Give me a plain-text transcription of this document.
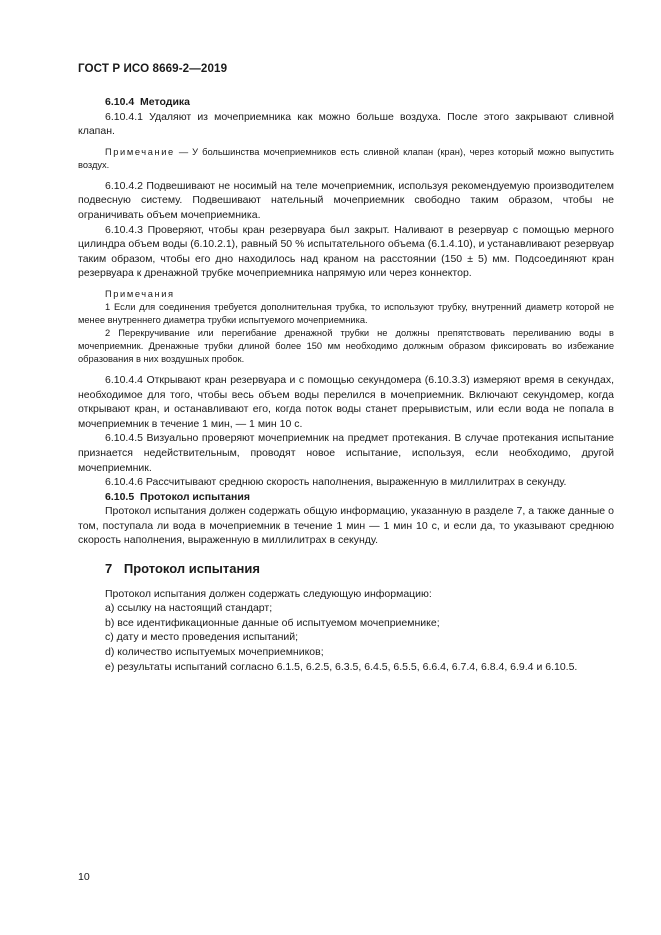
ГОСТ Р ИСО 8669-2—2019

6.10.4 Методика

6.10.4.1 Удаляют из мочеприемника как можно больше воздуха. После этого закрывают сливной клапан.

Примечание — У большинства мочеприемников есть сливной клапан (кран), через который можно выпустить воздух.

6.10.4.2 Подвешивают не носимый на теле мочеприемник, используя рекомендуемую производителем подвесную систему. Подвешивают нательный мочеприемник свободно таким образом, чтобы не ограничивать объем мочеприемника.

6.10.4.3 Проверяют, чтобы кран резервуара был закрыт. Наливают в резервуар с помощью мерного цилиндра объем воды (6.10.2.1), равный 50 % испытательного объема (6.1.4.10), и устанавливают резервуар таким образом, чтобы его дно находилось над краном на расстоянии (150 ± 5) мм. Подсоединяют кран резервуара к дренажной трубке мочеприемника напрямую или через коннектор.

Примечания

1 Если для соединения требуется дополнительная трубка, то используют трубку, внутренний диаметр которой не менее внутреннего диаметра трубки испытуемого мочеприемника.

2 Перекручивание или перегибание дренажной трубки не должны препятствовать переливанию воды в мочеприемник. Дренажные трубки длиной более 150 мм необходимо должным образом фиксировать во избежание образования в них воздушных пробок.

6.10.4.4 Открывают кран резервуара и с помощью секундомера (6.10.3.3) измеряют время в секундах, необходимое для того, чтобы весь объем воды перелился в мочеприемник. Включают секундомер, когда открывают кран, и останавливают его, когда поток воды станет прерывистым, или если вода не попала в мочеприемник в течение 1 мин, — 1 мин 10 с.

6.10.4.5 Визуально проверяют мочеприемник на предмет протекания. В случае протекания испытание признается недействительным, проводят новое испытание, используя, если необходимо, другой мочеприемник.

6.10.4.6 Рассчитывают среднюю скорость наполнения, выраженную в миллилитрах в секунду.

6.10.5 Протокол испытания

Протокол испытания должен содержать общую информацию, указанную в разделе 7, а также данные о том, поступала ли вода в мочеприемник в течение 1 мин — 1 мин 10 с, и если да, то указывают среднюю скорость наполнения, выраженную в миллилитрах в секунду.

7 Протокол испытания

Протокол испытания должен содержать следующую информацию:

а) ссылку на настоящий стандарт;
b) все идентификационные данные об испытуемом мочеприемнике;
c) дату и место проведения испытаний;
d) количество испытуемых мочеприемников;
e) результаты испытаний согласно 6.1.5, 6.2.5, 6.3.5, 6.4.5, 6.5.5, 6.6.4, 6.7.4, 6.8.4, 6.9.4 и 6.10.5.
10
